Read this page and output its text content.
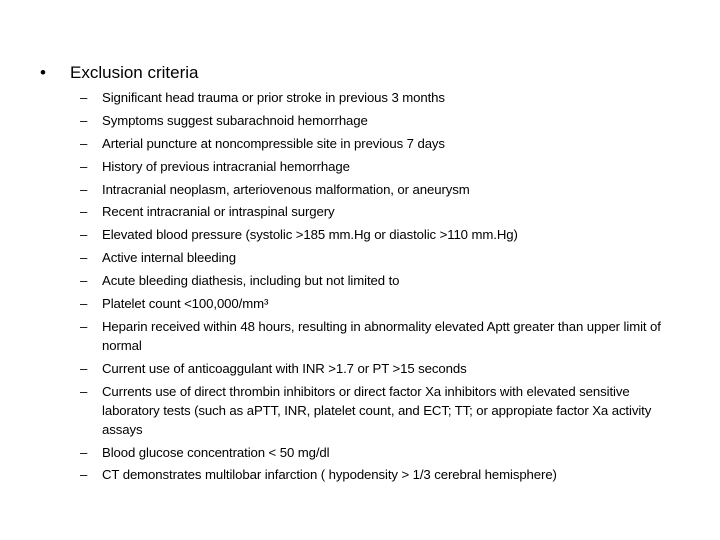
•	Exclusion criteria
–	Significant head trauma or prior stroke in previous 3 months
–	Symptoms suggest subarachnoid hemorrhage
–	Arterial puncture at noncompressible site in previous 7 days
–	History of previous intracranial hemorrhage
–	Intracranial neoplasm, arteriovenous malformation, or aneurysm
–	Recent intracranial or intraspinal surgery
–	Elevated blood pressure (systolic >185 mm.Hg or diastolic >110 mm.Hg)
–	Active internal bleeding
–	Acute bleeding diathesis, including but not limited to
–	Platelet count <100,000/mm³
–	Heparin received within 48 hours, resulting in abnormality elevated Aptt greater than upper limit of normal
–	Current use of anticoaggulant with INR >1.7 or PT >15 seconds
–	Currents use of direct thrombin inhibitors or direct factor Xa inhibitors with elevated sensitive laboratory tests (such as aPTT, INR, platelet count, and ECT; TT; or appropiate factor Xa activity assays
–	Blood glucose concentration < 50 mg/dl
–	CT demonstrates multilobar infarction ( hypodensity > 1/3 cerebral hemisphere)
